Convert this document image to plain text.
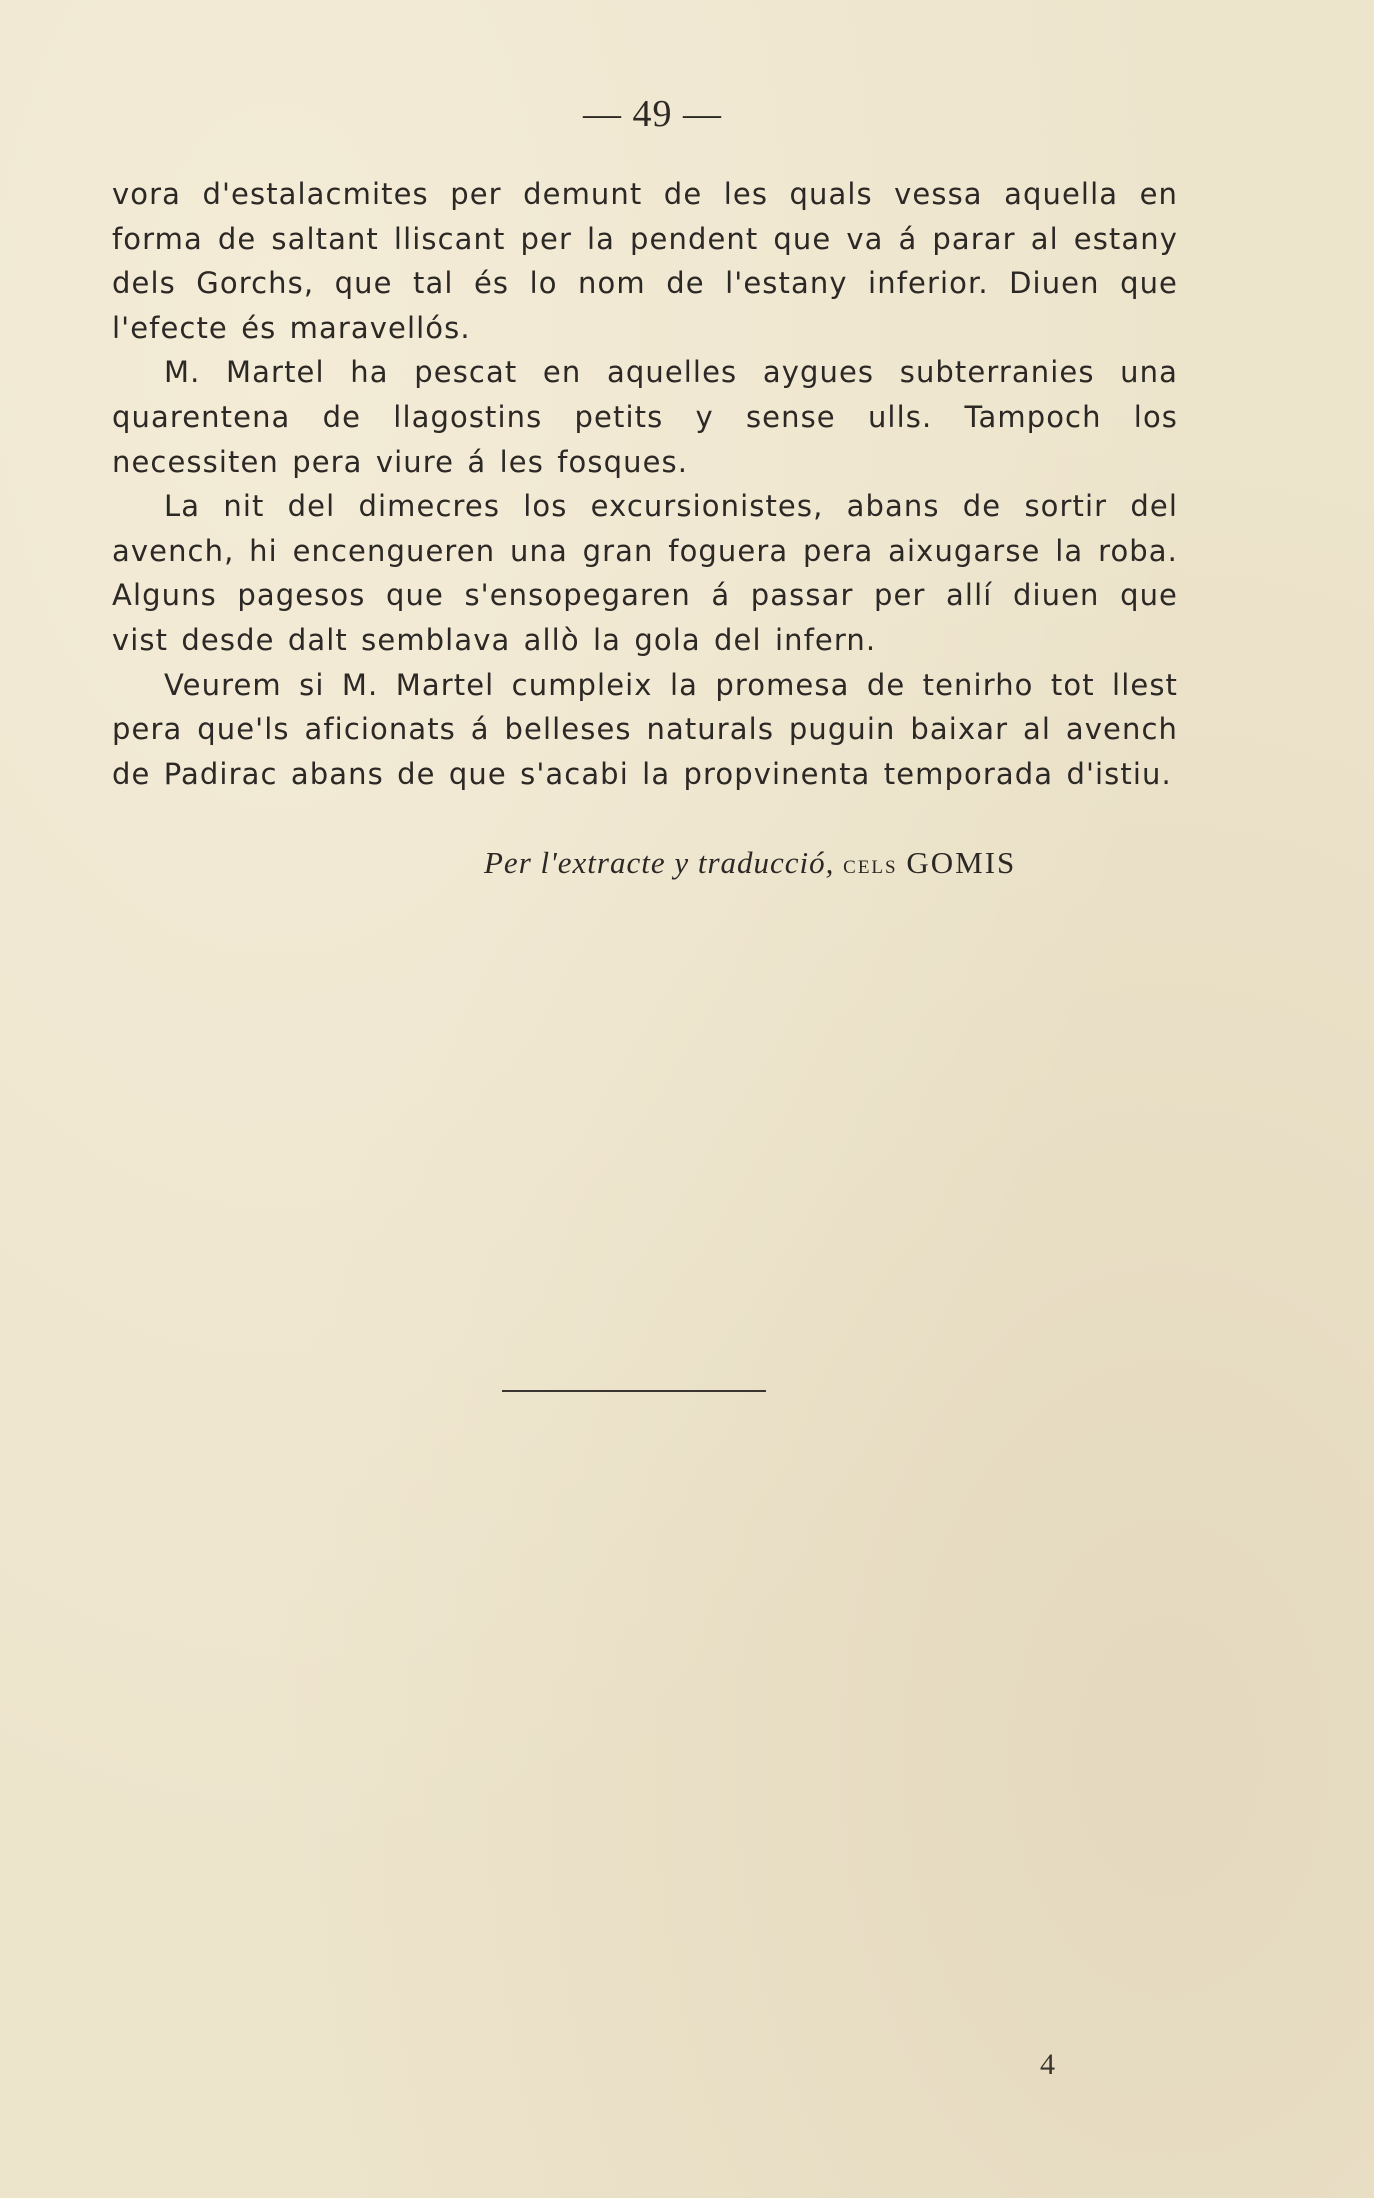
— 49 —

vora d'estalacmites per demunt de les quals vessa aquella en forma de saltant lliscant per la pendent que va á parar al estany dels Gorchs, que tal és lo nom de l'estany inferior. Diuen que l'efecte és maravellós.

M. Martel ha pescat en aquelles aygues subterranies una quarentena de llagostins petits y sense ulls. Tampoch los necessiten pera viure á les fosques.

La nit del dimecres los excursionistes, abans de sortir del avench, hi encengueren una gran foguera pera aixugarse la roba. Alguns pagesos que s'ensopegaren á passar per allí diuen que vist desde dalt semblava allò la gola del infern.

Veurem si M. Martel cumpleix la promesa de tenirho tot llest pera que'ls aficionats á belleses naturals puguin baixar al avench de Padirac abans de que s'acabi la propvinenta temporada d'istiu.

Per l'extracte y traducció, cels GOMIS
4
